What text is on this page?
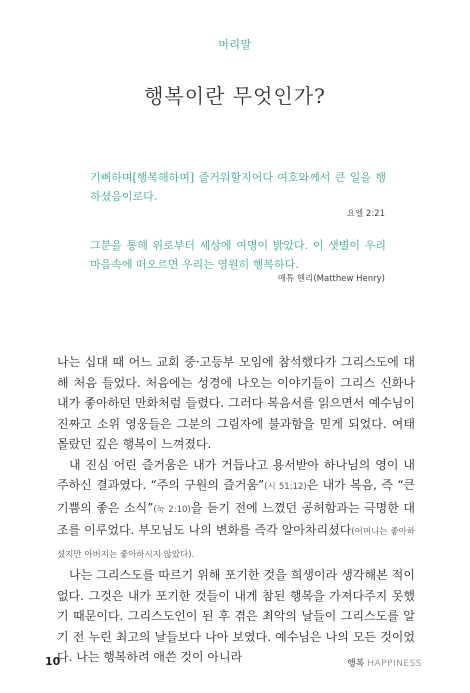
머리말
행복이란 무엇인가?
기뻐하며[행복해하며] 즐거워할지어다 여호와께서 큰 일을 행하셨음이로다.
요엘 2:21
그분을 통해 위로부터 세상에 여명이 밝았다. 이 샛별이 우리 마음속에 떠오르면 우리는 영원히 행복하다.
매튜 헨리(Matthew Henry)

나는 십대 때 어느 교회 중·고등부 모임에 참석했다가 그리스도에 대해 처음 들었다. 처음에는 성경에 나오는 이야기들이 그리스 신화나 내가 좋아하던 만화처럼 들렸다. 그러다 복음서를 읽으면서 예수님이 진짜고 소위 영웅들은 그분의 그림자에 불과함을 믿게 되었다. 여태 몰랐던 깊은 행복이 느껴졌다.

내 진심 어린 즐거움은 내가 거듭나고 용서받아 하나님의 영이 내주하신 결과였다. “주의 구원의 즐거움”(시 51:12)은 내가 복음, 즉 “큰 기쁨의 좋은 소식”(눅 2:10)을 듣기 전에 느꼈던 공허함과는 극명한 대조를 이루었다. 부모님도 나의 변화를 즉각 알아차리셨다(어머니는 좋아하셨지만 아버지는 좋아하시지 않았다).

나는 그리스도를 따르기 위해 포기한 것을 희생이라 생각해본 적이 없다. 그것은 내가 포기한 것들이 내게 참된 행복을 가져다주지 못했기 때문이다. 그리스도인이 된 후 겪은 최악의 날들이 그리스도를 알기 전 누린 최고의 날들보다 나아 보였다. 예수님은 나의 모든 것이었다. 나는 행복하려 애쓴 것이 아니라

10	행복 HAPPINESS
